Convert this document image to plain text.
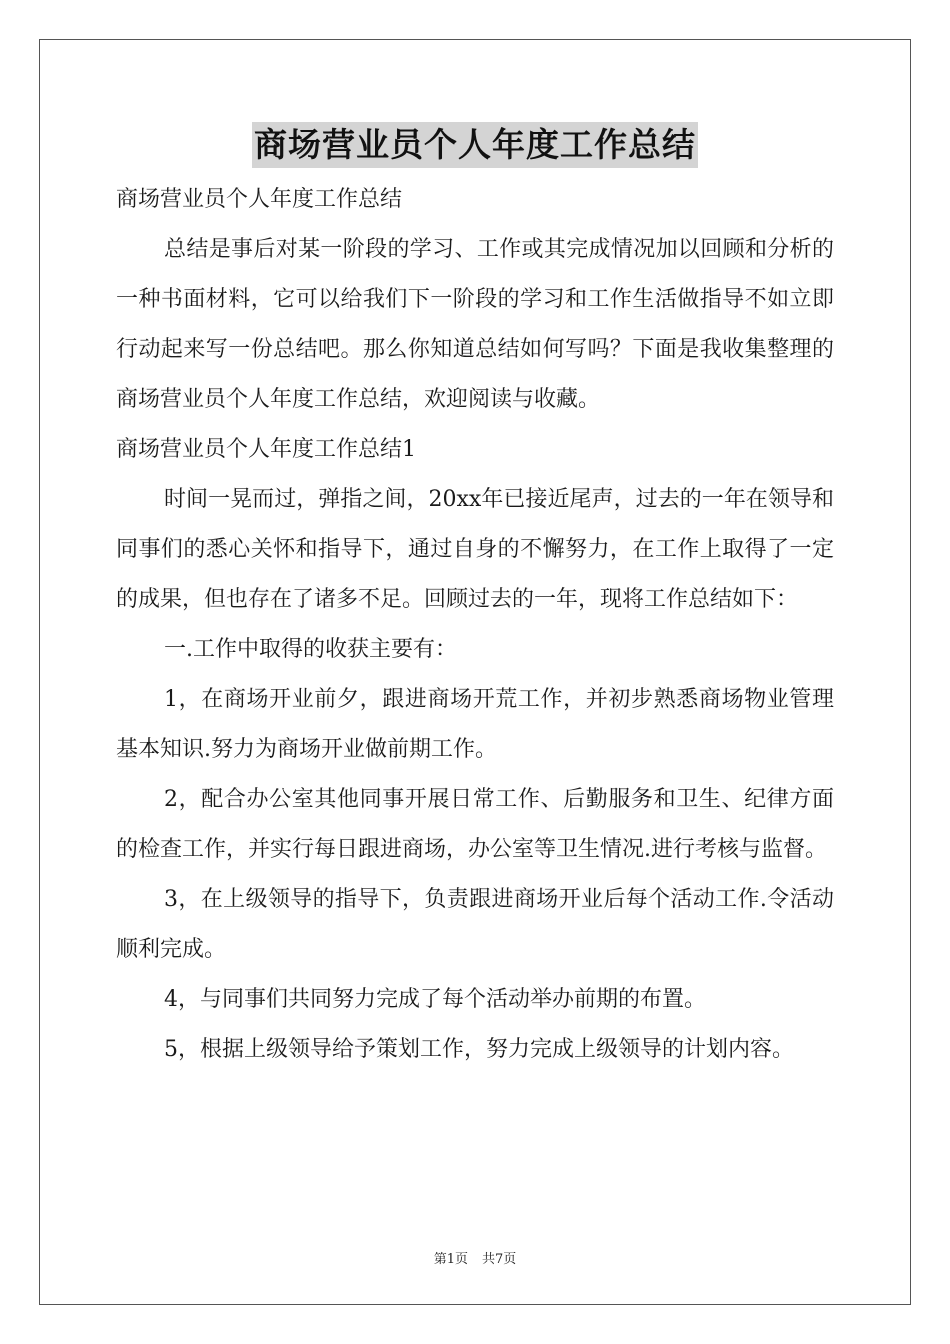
商场营业员个人年度工作总结

商场营业员个人年度工作总结

总结是事后对某一阶段的学习、工作或其完成情况加以回顾和分析的一种书面材料，它可以给我们下一阶段的学习和工作生活做指导不如立即行动起来写一份总结吧。那么你知道总结如何写吗？下面是我收集整理的商场营业员个人年度工作总结，欢迎阅读与收藏。

商场营业员个人年度工作总结1

时间一晃而过，弹指之间，20xx年已接近尾声，过去的一年在领导和同事们的悉心关怀和指导下，通过自身的不懈努力，在工作上取得了一定的成果，但也存在了诸多不足。回顾过去的一年，现将工作总结如下：

一.工作中取得的收获主要有：

1，在商场开业前夕，跟进商场开荒工作，并初步熟悉商场物业管理基本知识.努力为商场开业做前期工作。

2，配合办公室其他同事开展日常工作、后勤服务和卫生、纪律方面的检查工作，并实行每日跟进商场，办公室等卫生情况.进行考核与监督。

3，在上级领导的指导下，负责跟进商场开业后每个活动工作.令活动顺利完成。

4，与同事们共同努力完成了每个活动举办前期的布置。

5，根据上级领导给予策划工作，努力完成上级领导的计划内容。

第1页 共7页
